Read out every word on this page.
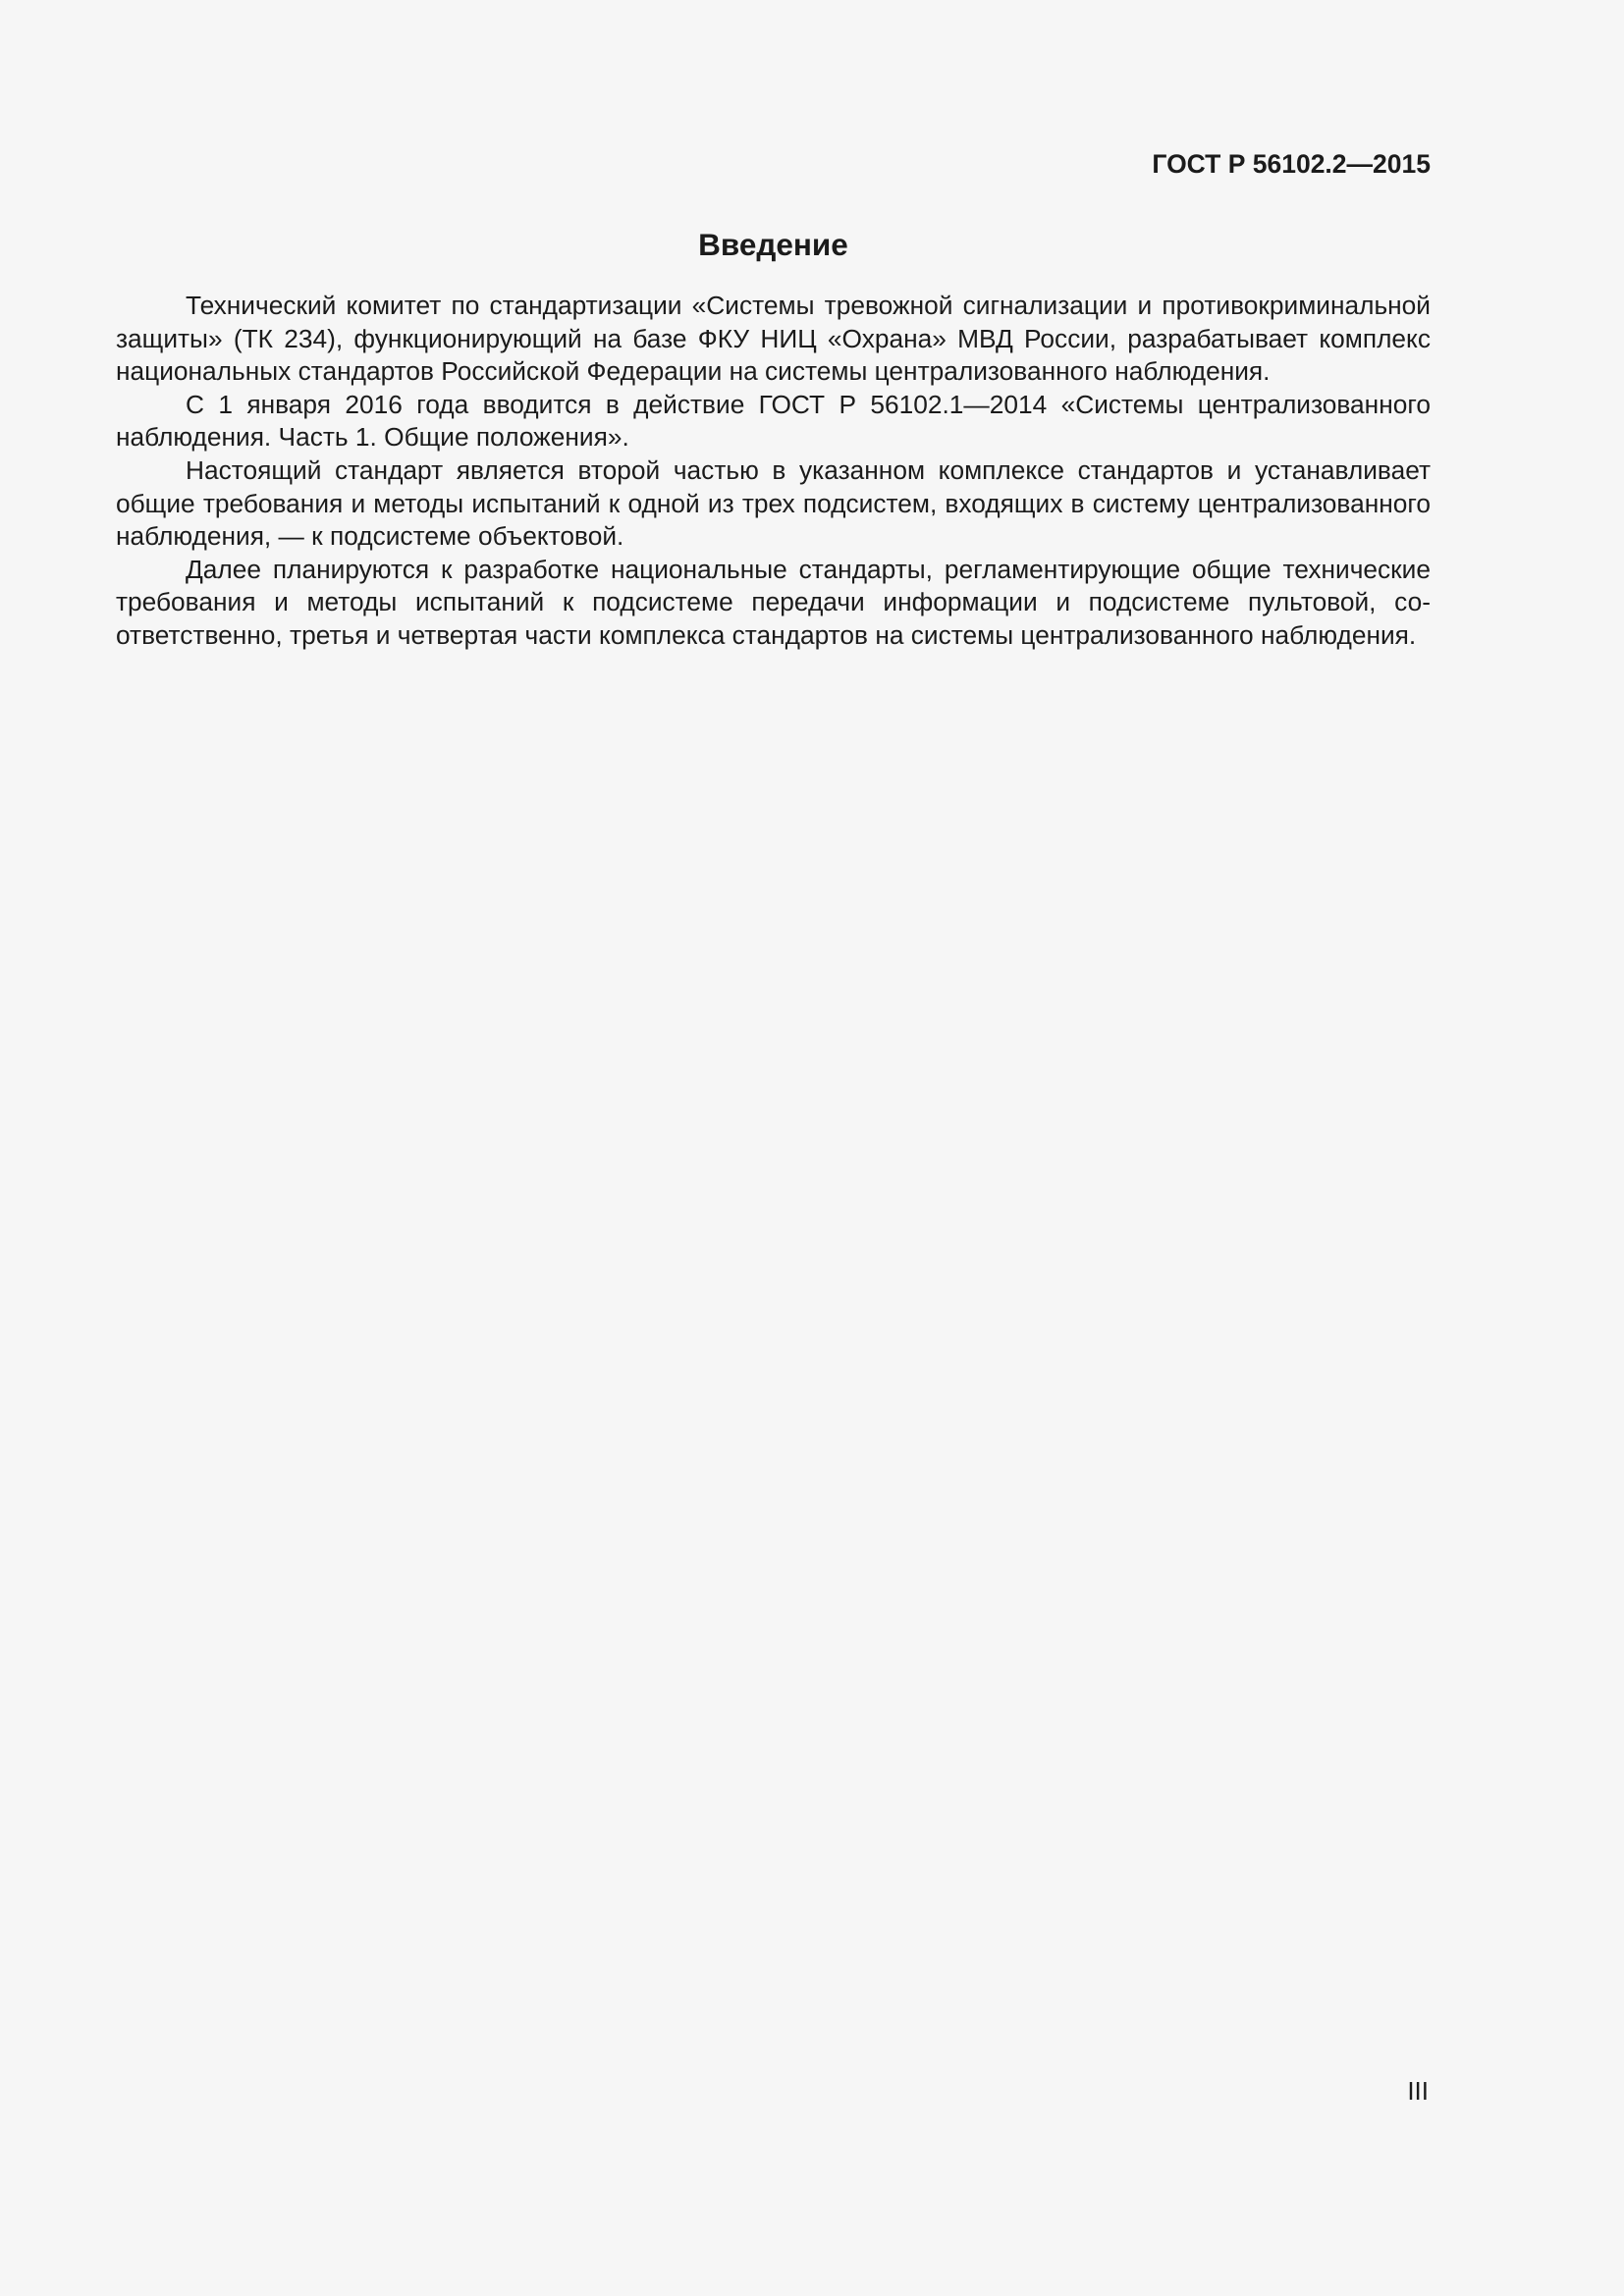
ГОСТ Р 56102.2—2015
Введение

Технический комитет по стандартизации «Системы тревожной сигнализации и противокриминальной защиты» (ТК 234), функционирующий на базе ФКУ НИЦ «Охрана» МВД России, разрабатывает комплекс национальных стандартов Российской Федерации на системы централизованного наблюдения.

С 1 января 2016 года вводится в действие ГОСТ Р 56102.1—2014 «Системы централизованного наблюдения. Часть 1. Общие положения».

Настоящий стандарт является второй частью в указанном комплексе стандартов и устанавливает общие требования и методы испытаний к одной из трех подсистем, входящих в систему централизованного наблюдения, — к подсистеме объектовой.

Далее планируются к разработке национальные стандарты, регламентирующие общие технические требования и методы испытаний к подсистеме передачи информации и подсистеме пультовой, соответственно, третья и четвертая части комплекса стандартов на системы централизованного наблюдения.

III
